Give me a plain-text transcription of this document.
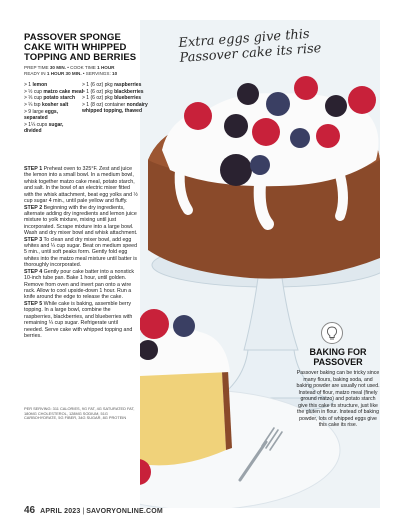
Extra eggs give this
Passover cake its rise
PASSOVER SPONGE CAKE WITH WHIPPED TOPPING AND BERRIES
PREP TIME 30 MIN. • COOK TIME 1 HOUR
READY IN 1 HOUR 30 MIN. • SERVINGS: 10
> 1 lemon
> ½ cup matzo cake meal
> ⅓ cup potato starch
> ¼ tsp kosher salt
> 9 large eggs,
separated
> 1¼ cups sugar,
divided
> 1 (6 oz) pkg raspberries
> 1 (6 oz) pkg blackberries
> 1 (6 oz) pkg blueberries
> 1 (8 oz) container nondairy whipped topping, thawed

STEP 1 Preheat oven to 325°F. Zest and juice the lemon into a small bowl. In a medium bowl, whisk together matzo cake meal, potato starch, and salt. In the bowl of an electric mixer fitted with the whisk attachment, beat egg yolks and ½ cup sugar 4 min., until pale yellow and fluffy.

STEP 2 Beginning with the dry ingredients, alternate adding dry ingredients and lemon juice mixture to yolk mixture, mixing until just incorporated. Scrape mixture into a large bowl. Wash and dry mixer bowl and whisk attachment.

STEP 3 To clean and dry mixer bowl, add egg whites and ¼ cup sugar. Beat on medium speed 5 min., until soft peaks form. Gently fold egg whites into the matzo meal mixture until batter is thoroughly incorporated.

STEP 4 Gently pour cake batter into a nonstick 10-inch tube pan. Bake 1 hour, until golden. Remove from oven and invert pan onto a wire rack. Allow to cool upside-down 1 hour. Run a knife around the edge to release the cake.

STEP 5 While cake is baking, assemble berry topping. In a large bowl, combine the raspberries, blackberries, and blueberries with remaining ¼ cup sugar. Refrigerate until needed. Serve cake with whipped topping and berries.

PER SERVING: 311 CALORIES, 9G FAT, 4G SATURATED FAT, 180MG CHOLESTEROL, 128MG SODIUM, 51G CARBOHYDRATE, 5G FIBER, 34G SUGAR, 8G PROTEIN
BAKING FOR
PASSOVER
Passover baking can be tricky since many flours, baking soda, and baking powder are usually not used. Instead of flour, matzo meal (finely ground matzo) and potato starch give this cake its structure, just like the gluten in flour. Instead of baking powder, lots of whipped eggs give this cake its rise.
46 APRIL 2023 | SAVORYONLINE.COM
